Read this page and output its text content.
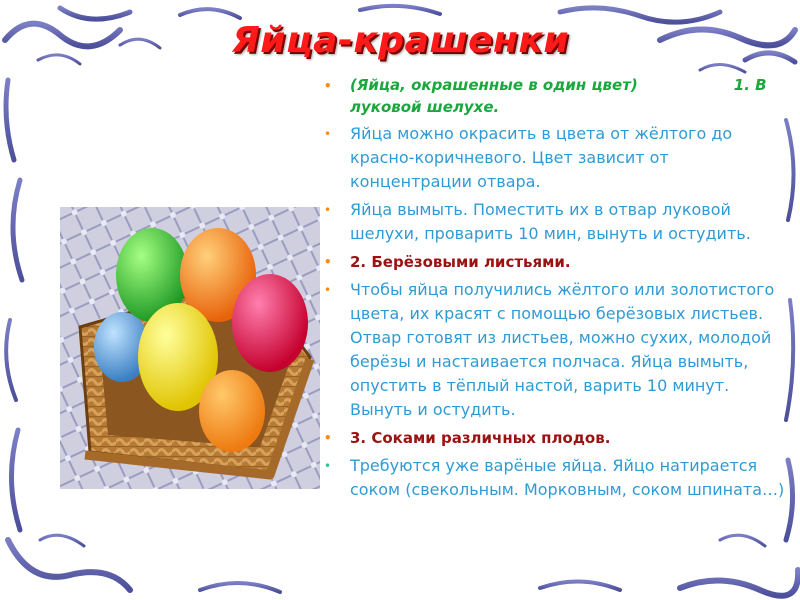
Яйца-крашенки
• (Яйца, окрашенные в один цвет)	1. В луковой шелухе.
• Яйца можно окрасить в цвета от жёлтого до красно-коричневого. Цвет зависит от концентрации отвара.
• Яйца вымыть. Поместить их в отвар луковой шелухи, проварить 10 мин, вынуть и остудить.
• 2. Берёзовыми листьями.
• Чтобы яйца получились жёлтого или золотистого цвета, их красят с помощью берёзовых листьев. Отвар готовят из листьев, можно сухих, молодой берёзы и настаивается полчаса. Яйца вымыть, опустить в тёплый настой, варить 10 минут. Вынуть и остудить.
• 3. Соками различных плодов.
• Требуются уже варёные яйца. Яйцо натирается соком (свекольным. Морковным, соком шпината…)
